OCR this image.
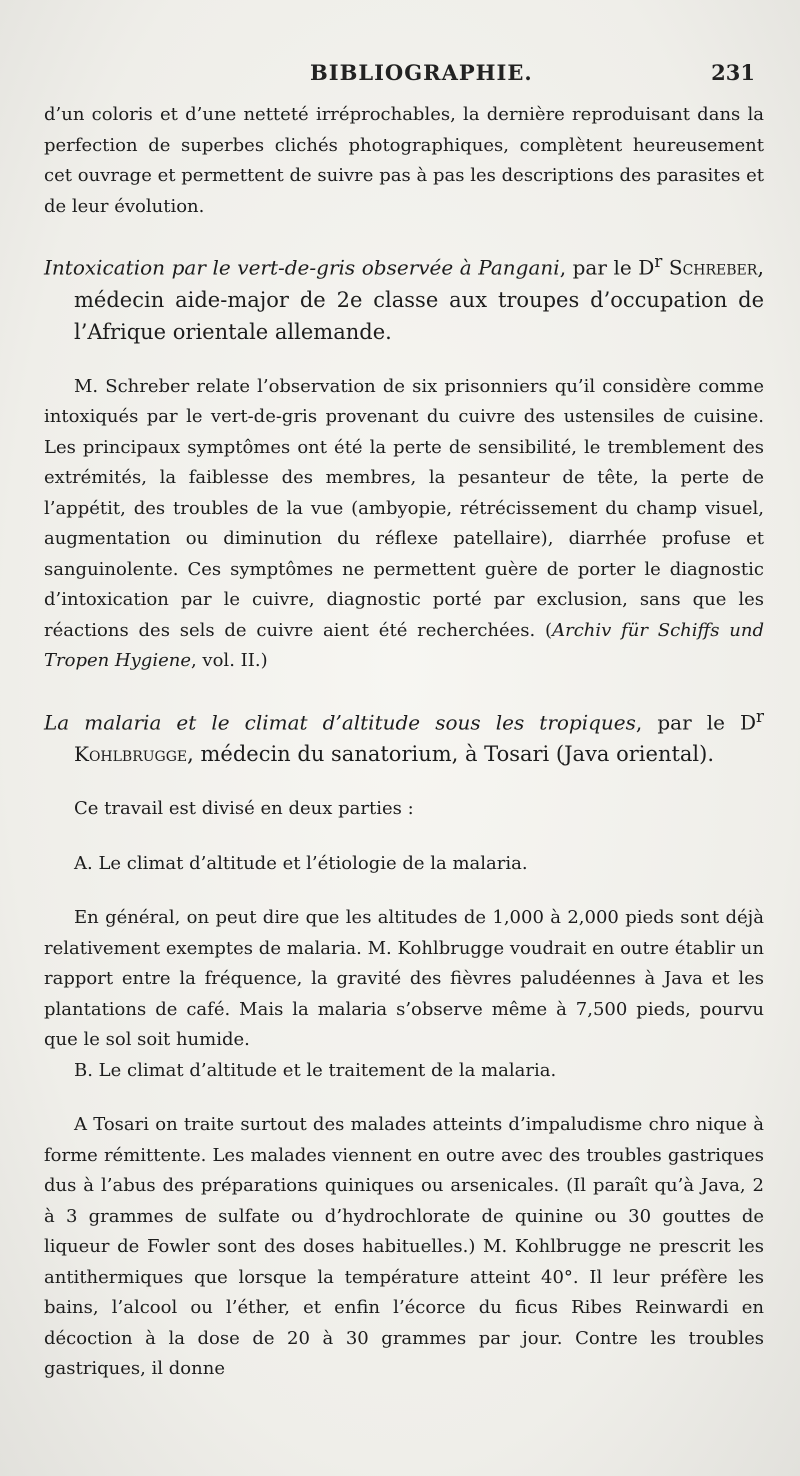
BIBLIOGRAPHIE.	231

d’un coloris et d’une netteté irréprochables, la dernière reproduisant dans la perfection de superbes clichés photographiques, complètent heureusement cet ouvrage et permettent de suivre pas à pas les descriptions des parasites et de leur évolution.

Intoxication par le vert-de-gris observée à Pangani, par le $D^r$ Schreber, médecin aide-major de 2e classe aux troupes d’occupation de l’Afrique orientale allemande.

M. Schreber relate l’observation de six prisonniers qu’il considère comme intoxiqués par le vert-de-gris provenant du cuivre des ustensiles de cuisine. Les principaux symptômes ont été la perte de sensibilité, le tremblement des extrémités, la faiblesse des membres, la pesanteur de tête, la perte de l’appétit, des troubles de la vue (ambyopie, rétrécissement du champ visuel, augmentation ou diminution du réflexe patellaire), diarrhée profuse et sanguinolente. Ces symptômes ne permettent guère de porter le diagnostic d’intoxication par le cuivre, diagnostic porté par exclusion, sans que les réactions des sels de cuivre aient été recherchées. (Archiv für Schiffs und Tropen Hygiene, vol. II.)

La malaria et le climat d’altitude sous les tropiques, par le $D^r$ Kohlbrugge, médecin du sanatorium, à Tosari (Java oriental).

Ce travail est divisé en deux parties :

A. Le climat d’altitude et l’étiologie de la malaria.

En général, on peut dire que les altitudes de 1,000 à 2,000 pieds sont déjà relativement exemptes de malaria. M. Kohlbrugge voudrait en outre établir un rapport entre la fréquence, la gravité des fièvres paludéennes à Java et les plantations de café. Mais la malaria s’observe même à 7,500 pieds, pourvu que le sol soit humide.

B. Le climat d’altitude et le traitement de la malaria.

A Tosari on traite surtout des malades atteints d’impaludisme chro nique à forme rémittente. Les malades viennent en outre avec des troubles gastriques dus à l’abus des préparations quiniques ou arsenicales. (Il paraît qu’à Java, 2 à 3 grammes de sulfate ou d’hydrochlorate de quinine ou 30 gouttes de liqueur de Fowler sont des doses habituelles.) M. Kohlbrugge ne prescrit les antithermiques que lorsque la température atteint 40°. Il leur préfère les bains, l’alcool ou l’éther, et enfin l’écorce du ficus Ribes Reinwardi en décoction à la dose de 20 à 30 grammes par jour. Contre les troubles gastriques, il donne
